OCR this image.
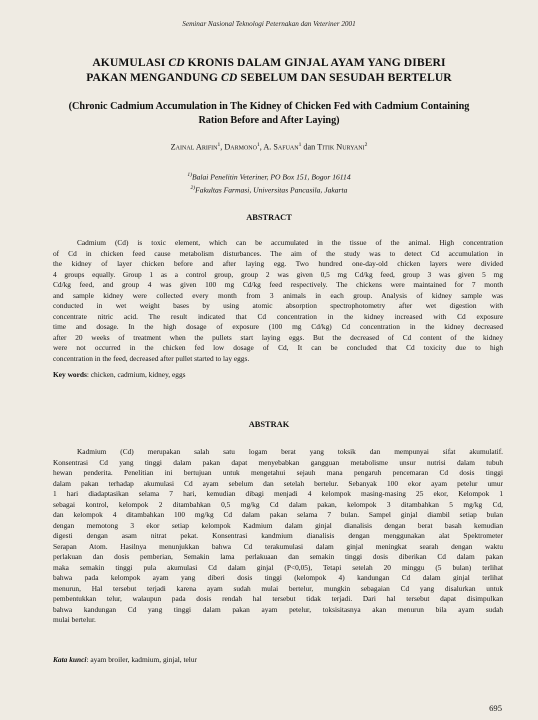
Seminar Nasional Teknologi Peternakan dan Veteriner 2001
AKUMULASI CD KRONIS DALAM GINJAL AYAM YANG DIBERI
PAKAN MENGANDUNG CD SEBELUM DAN SESUDAH BERTELUR
(Chronic Cadmium Accumulation in The Kidney of Chicken Fed with Cadmium Containing
Ration Before and After Laying)
Zainal Arifin$^1$, Darmono$^1$, A. Safuan$^1$ dan Titik Nuryani$^2$
$^{1)}$Balai Penelitin Veteriner, PO Box 151, Bogor 16114
$^{2)}$Fakultas Farmasi, Universitas Pancasila, Jakarta
ABSTRACT
Cadmium (Cd) is toxic element, which can be accumulated in the tissue of the animal. High concentration
of Cd in chicken feed cause metabolism disturbances. The aim of the study was to detect Cd accumulation in
the kidney of layer chicken before and after laying egg. Two hundred one-day-old chicken layers were divided
4 groups equally. Group 1 as a control group, group 2 was given 0,5 mg Cd/kg feed, group 3 was given 5 mg
Cd/kg feed, and group 4 was given 100 mg Cd/kg feed respectively. The chickens were maintained for 7 month
and sample kidney were collected every month from 3 animals in each group. Analysis of kidney sample was
conducted in wet weight bases by using atomic absorption spectrophotometry after wet digestion with
concentrate nitric acid. The result indicated that Cd concentration in the kidney increased with Cd exposure
time and dosage. In the high dosage of exposure (100 mg Cd/kg) Cd concentration in the kidney decreased
after 20 weeks of treatment when the pullets start laying eggs. But the decreased of Cd content of the kidney
were not occurred in the chicken fed low dosage of Cd, It can be concluded that Cd toxicity due to high
concentration in the feed, decreased after pullet started to lay eggs.
Key words: chicken, cadmium, kidney, eggs
ABSTRAK
Kadmium (Cd) merupakan salah satu logam berat yang toksik dan mempunyai sifat akumulatif.
Konsentrasi Cd yang tinggi dalam pakan dapat menyebabkan gangguan metabolisme unsur nutrisi dalam tubuh
hewan penderita. Penelitian ini bertujuan untuk mengetahui sejauh mana pengaruh pencemaran Cd dosis tinggi
dalam pakan terhadap akumulasi Cd ayam sebelum dan setelah bertelur. Sebanyak 100 ekor ayam petelur umur
1 hari diadaptasikan selama 7 hari, kemudian dibagi menjadi 4 kelompok masing-masing 25 ekor, Kelompok 1
sebagai kontrol, kelompok 2 ditambahkan 0,5 mg/kg Cd dalam pakan, kelompok 3 ditambahkan 5 mg/kg Cd,
dan kelompok 4 ditambahkan 100 mg/kg Cd dalam pakan selama 7 bulan. Sampel ginjal diambil setiap bulan
dengan memotong 3 ekor setiap kelompok Kadmium dalam ginjal dianalisis dengan berat basah kemudian
digesti dengan asam nitrat pekat. Konsentrasi kandmium dianalisis dengan menggunakan alat Spektrometer
Serapan Atom. Hasilnya menunjukkan bahwa Cd terakumulasi dalam ginjal meningkat searah dengan waktu
perlakuan dan dosis pemberian, Semakin lama perlakuaan dan semakin tinggi dosis diberikan Cd dalam pakan
maka semakin tinggi pula akumulasi Cd dalam ginjal (P<0,05), Tetapi setelah 20 minggu (5 bulan) terlihat
bahwa pada kelompok ayam yang diberi dosis tinggi (kelompok 4) kandungan Cd dalam ginjal terlihat
menurun, Hal tersebut terjadi karena ayam sudah mulai bertelur, mungkin sebagaian Cd yang disalurkan untuk
pembentukkan telur, walaupun pada dosis rendah hal tersebut tidak terjadi. Dari hal tersebut dapat disimpulkan
bahwa kandungan Cd yang tinggi dalam pakan ayam petelur, toksisitasnya akan menurun bila ayam sudah
mulai bertelur.
Kata kunci: ayam broiler, kadmium, ginjal, telur
695
